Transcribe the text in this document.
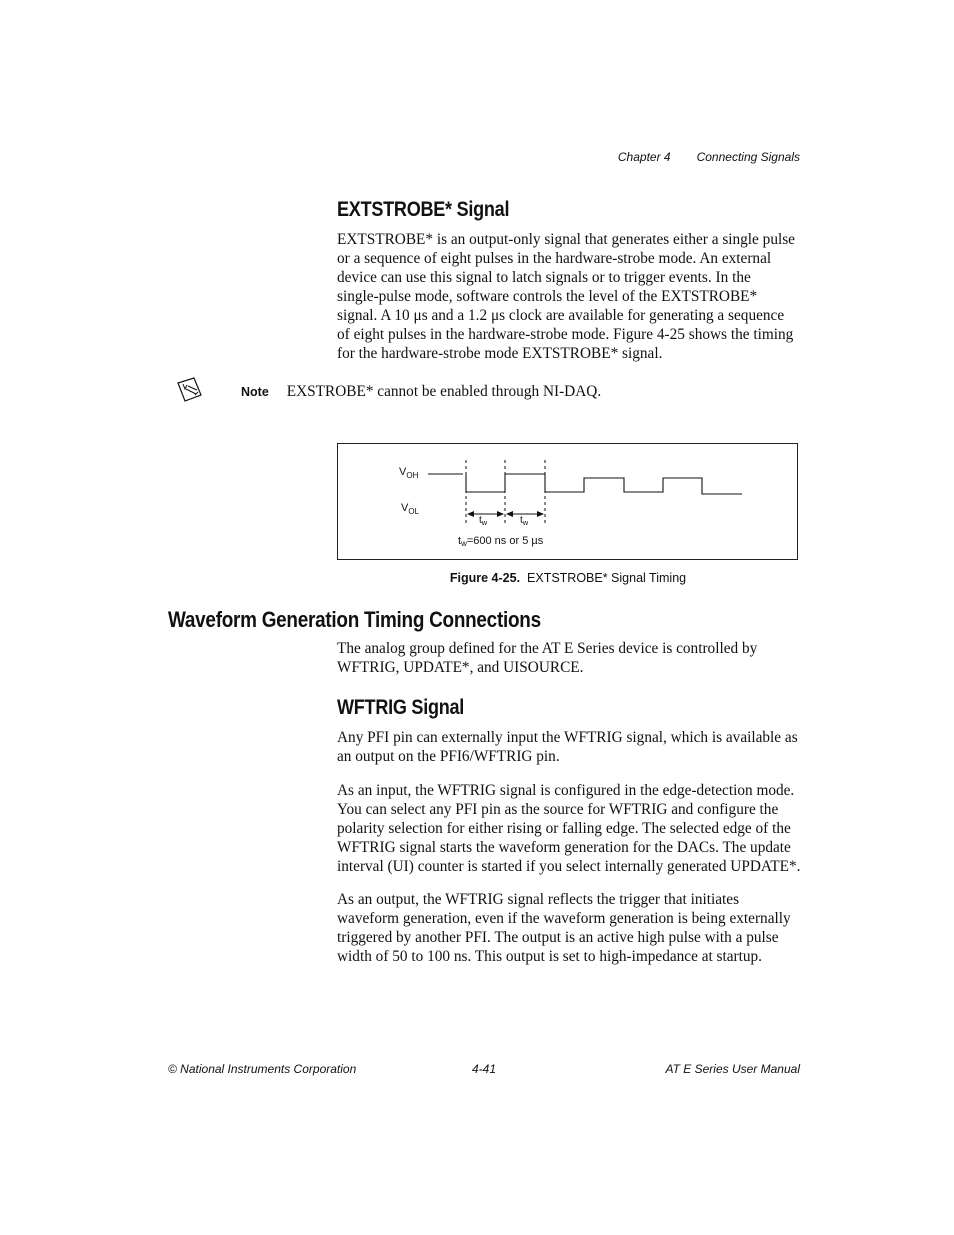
Chapter 4 Connecting Signals
EXTSTROBE* Signal

EXTSTROBE* is an output-only signal that generates either a single pulse
or a sequence of eight pulses in the hardware-strobe mode. An external
device can use this signal to latch signals or to trigger events. In the
single-pulse mode, software controls the level of the EXTSTROBE*
signal. A 10 μs and a 1.2 μs clock are available for generating a sequence
of eight pulses in the hardware-strobe mode. Figure 4-25 shows the timing
for the hardware-strobe mode EXTSTROBE* signal.

Note EXSTROBE* cannot be enabled through NI-DAQ.
$V_{OH}$
$V_{OL}$
$t_w$	$t_w$
tw=600 ns or 5 µs
Figure 4-25. EXTSTROBE* Signal Timing
Waveform Generation Timing Connections

The analog group defined for the AT E Series device is controlled by
WFTRIG, UPDATE*, and UISOURCE.

WFTRIG Signal

Any PFI pin can externally input the WFTRIG signal, which is available as
an output on the PFI6/WFTRIG pin.

As an input, the WFTRIG signal is configured in the edge-detection mode.
You can select any PFI pin as the source for WFTRIG and configure the
polarity selection for either rising or falling edge. The selected edge of the
WFTRIG signal starts the waveform generation for the DACs. The update
interval (UI) counter is started if you select internally generated UPDATE*.

As an output, the WFTRIG signal reflects the trigger that initiates
waveform generation, even if the waveform generation is being externally
triggered by another PFI. The output is an active high pulse with a pulse
width of 50 to 100 ns. This output is set to high-impedance at startup.

© National Instruments Corporation	4-41	AT E Series User Manual
